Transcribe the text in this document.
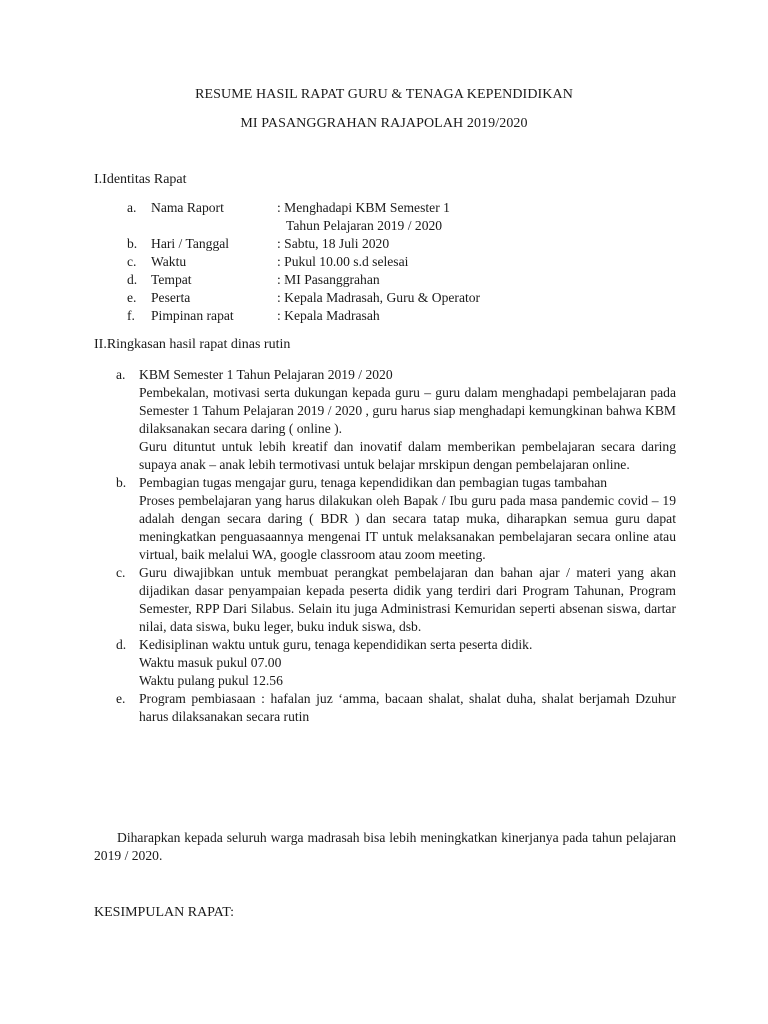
RESUME HASIL RAPAT GURU & TENAGA KEPENDIDIKAN
MI PASANGGRAHAN RAJAPOLAH 2019/2020
I.Identitas Rapat
a. Nama Raport	: Menghadapi KBM Semester 1
Tahun Pelajaran 2019 / 2020
b. Hari / Tanggal	: Sabtu, 18 Juli 2020
c. Waktu	: Pukul 10.00 s.d selesai
d. Tempat	: MI Pasanggrahan
e. Peserta	: Kepala Madrasah, Guru & Operator
f. Pimpinan rapat	: Kepala Madrasah
II.Ringkasan hasil rapat dinas rutin
a. KBM Semester 1 Tahun Pelajaran 2019 / 2020

Pembekalan, motivasi serta dukungan kepada guru – guru dalam menghadapi pembelajaran pada Semester 1 Tahum Pelajaran 2019 / 2020 , guru harus siap menghadapi kemungkinan bahwa KBM dilaksanakan secara daring ( online ).

Guru dituntut untuk lebih kreatif dan inovatif dalam memberikan pembelajaran secara daring supaya anak – anak lebih termotivasi untuk belajar mrskipun dengan pembelajaran online.

b. Pembagian tugas mengajar guru, tenaga kependidikan dan pembagian tugas tambahan

Proses pembelajaran yang harus dilakukan oleh Bapak / Ibu guru pada masa pandemic covid – 19 adalah dengan secara daring ( BDR ) dan secara tatap muka, diharapkan semua guru dapat meningkatkan penguasaannya mengenai IT untuk melaksanakan pembelajaran secara online atau virtual, baik melalui WA, google classroom atau zoom meeting.

c. Guru diwajibkan untuk membuat perangkat pembelajaran dan bahan ajar / materi yang akan dijadikan dasar penyampaian kepada peserta didik yang terdiri dari Program Tahunan, Program Semester, RPP Dari Silabus. Selain itu juga Administrasi Kemuridan seperti absenan siswa, dartar nilai, data siswa, buku leger, buku induk siswa, dsb.

d. Kedisiplinan waktu untuk guru, tenaga kependidikan serta peserta didik.

Waktu masuk pukul 07.00

Waktu pulang pukul 12.56

e. Program pembiasaan : hafalan juz ‘amma, bacaan shalat, shalat duha, shalat berjamah Dzuhur harus dilaksanakan secara rutin

Diharapkan kepada seluruh warga madrasah bisa lebih meningkatkan kinerjanya pada tahun pelajaran 2019 / 2020.

KESIMPULAN RAPAT:
